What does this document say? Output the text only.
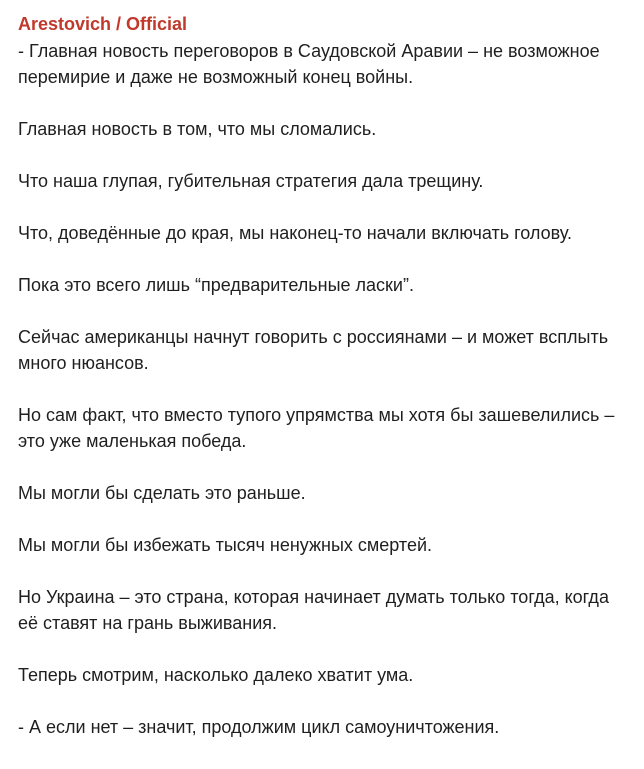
Arestovich / Official

- Главная новость переговоров в Саудовской Аравии – не возможное перемирие и даже не возможный конец войны.

Главная новость в том, что мы сломались.

Что наша глупая, губительная стратегия дала трещину.

Что, доведённые до края, мы наконец-то начали включать голову.

Пока это всего лишь “предварительные ласки”.

Сейчас американцы начнут говорить с россиянами – и может всплыть много нюансов.

Но сам факт, что вместо тупого упрямства мы хотя бы зашевелились – это уже маленькая победа.

Мы могли бы сделать это раньше.

Мы могли бы избежать тысяч ненужных смертей.

Но Украина – это страна, которая начинает думать только тогда, когда её ставят на грань выживания.

Теперь смотрим, насколько далеко хватит ума.

- А если нет – значит, продолжим цикл самоуничтожения.
